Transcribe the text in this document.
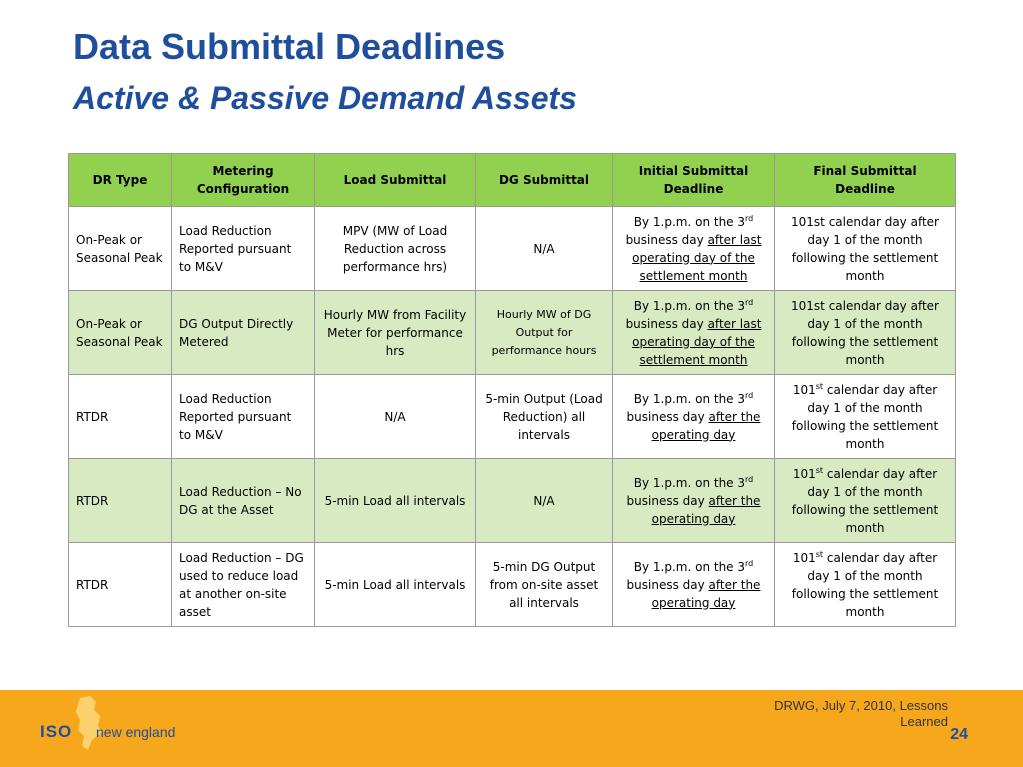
Data Submittal Deadlines
Active & Passive Demand Assets
DR Type	Metering Configuration	Load Submittal	DG Submittal	Initial Submittal Deadline	Final Submittal Deadline
On-Peak or Seasonal Peak	Load Reduction Reported pursuant to M&V	MPV (MW of Load Reduction across performance hrs)	N/A	By 1.p.m. on the 3rd business day after last operating day of the settlement month	101st calendar day after day 1 of the month following the settlement month
On-Peak or Seasonal Peak	DG Output Directly Metered	Hourly MW from Facility Meter for performance hrs	Hourly MW of DG Output for performance hours	By 1.p.m. on the 3rd business day after last operating day of the settlement month	101st calendar day after day 1 of the month following the settlement month
RTDR	Load Reduction Reported pursuant to M&V	N/A	5-min Output (Load Reduction) all intervals	By 1.p.m. on the 3rd business day after the operating day	101st calendar day after day 1 of the month following the settlement month
RTDR	Load Reduction – No DG at the Asset	5-min Load all intervals	N/A	By 1.p.m. on the 3rd business day after the operating day	101st calendar day after day 1 of the month following the settlement month
RTDR	Load Reduction – DG used to reduce load at another on-site asset	5-min Load all intervals	5-min DG Output from on-site asset all intervals	By 1.p.m. on the 3rd business day after the operating day	101st calendar day after day 1 of the month following the settlement month
ISO new england
DRWG, July 7, 2010, Lessons Learned
24
